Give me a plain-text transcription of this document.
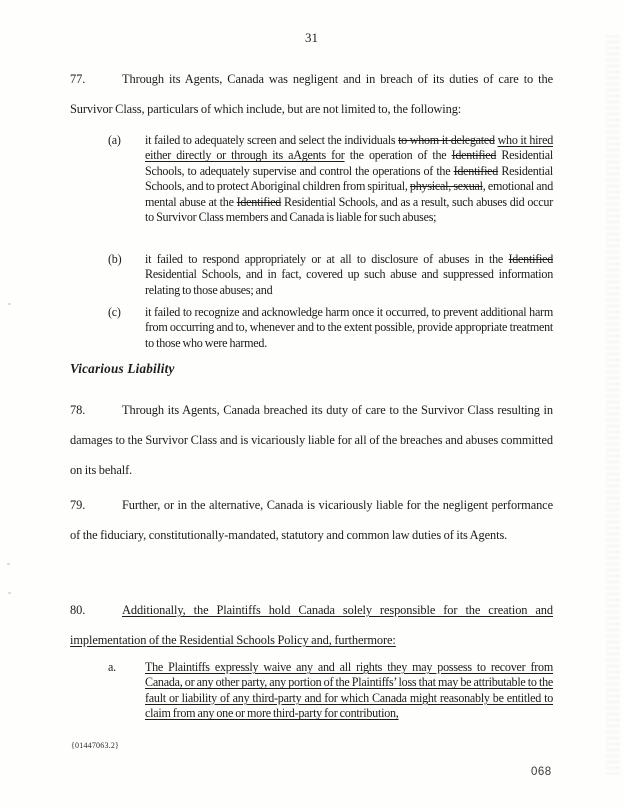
31
77.	Through its Agents, Canada was negligent and in breach of its duties of care to the Survivor Class, particulars of which include, but are not limited to, the following:
(a) it failed to adequately screen and select the individuals to whom it delegated who it hired either directly or through its aAgents for the operation of the Identified Residential Schools, to adequately supervise and control the operations of the Identified Residential Schools, and to protect Aboriginal children from spiritual, physical, sexual, emotional and mental abuse at the Identified Residential Schools, and as a result, such abuses did occur to Survivor Class members and Canada is liable for such abuses;
(b) it failed to respond appropriately or at all to disclosure of abuses in the Identified Residential Schools, and in fact, covered up such abuse and suppressed information relating to those abuses; and
(c) it failed to recognize and acknowledge harm once it occurred, to prevent additional harm from occurring and to, whenever and to the extent possible, provide appropriate treatment to those who were harmed.
Vicarious Liability
78.	Through its Agents, Canada breached its duty of care to the Survivor Class resulting in damages to the Survivor Class and is vicariously liable for all of the breaches and abuses committed on its behalf.
79.	Further, or in the alternative, Canada is vicariously liable for the negligent performance of the fiduciary, constitutionally-mandated, statutory and common law duties of its Agents.
80.	Additionally, the Plaintiffs hold Canada solely responsible for the creation and implementation of the Residential Schools Policy and, furthermore:
a. The Plaintiffs expressly waive any and all rights they may possess to recover from Canada, or any other party, any portion of the Plaintiffs’ loss that may be attributable to the fault or liability of any third-party and for which Canada might reasonably be entitled to claim from any one or more third-party for contribution,
{01447063.2}
068
